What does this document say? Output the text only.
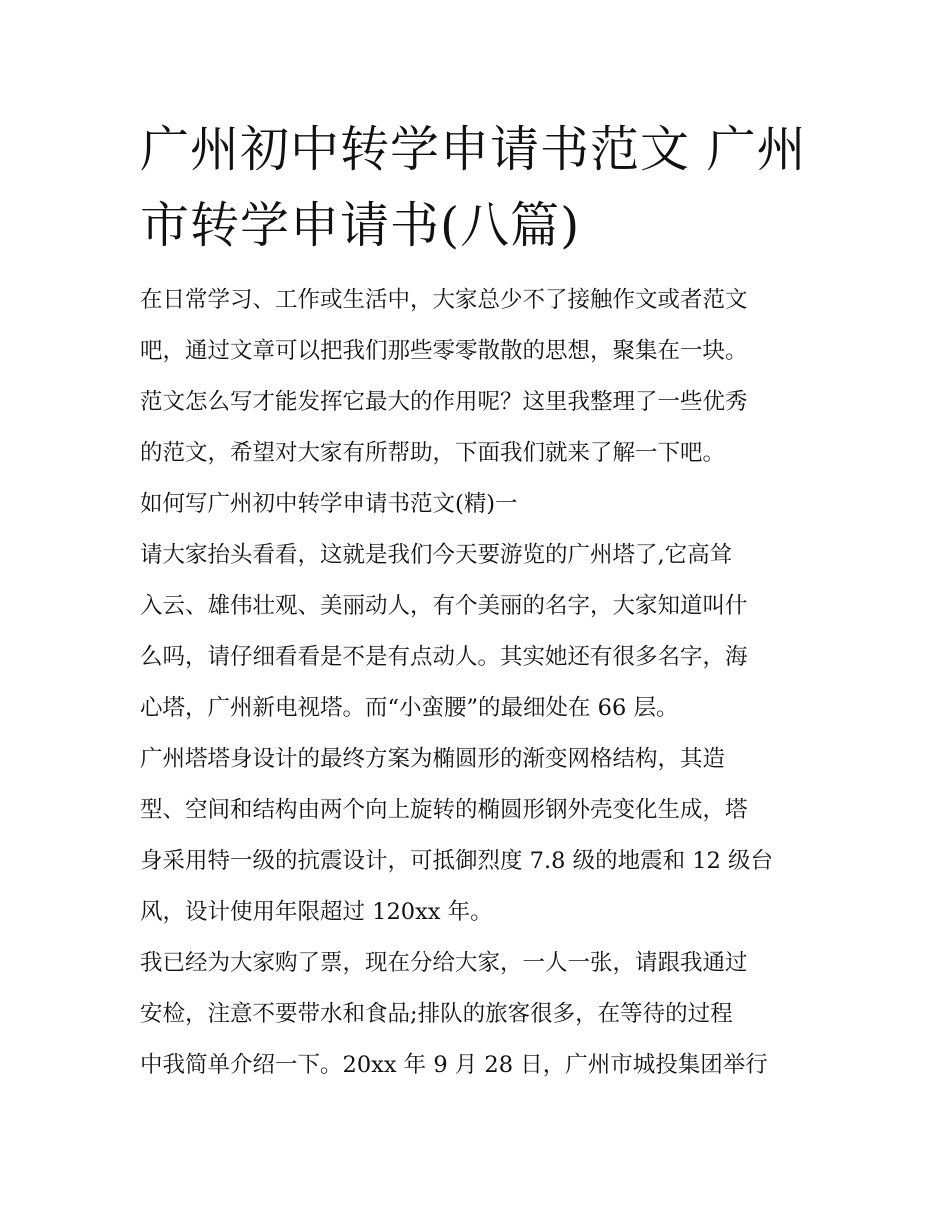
广州初中转学申请书范文 广州
市转学申请书(八篇)
在日常学习、工作或生活中，大家总少不了接触作文或者范文
吧，通过文章可以把我们那些零零散散的思想，聚集在一块。
范文怎么写才能发挥它最大的作用呢？这里我整理了一些优秀
的范文，希望对大家有所帮助，下面我们就来了解一下吧。
如何写广州初中转学申请书范文(精)一
请大家抬头看看，这就是我们今天要游览的广州塔了,它高耸
入云、雄伟壮观、美丽动人，有个美丽的名字，大家知道叫什
么吗，请仔细看看是不是有点动人。其实她还有很多名字，海
心塔，广州新电视塔。而“小蛮腰”的最细处在 66 层。
广州塔塔身设计的最终方案为椭圆形的渐变网格结构，其造
型、空间和结构由两个向上旋转的椭圆形钢外壳变化生成，塔
身采用特一级的抗震设计，可抵御烈度 7.8 级的地震和 12 级台
风，设计使用年限超过 120xx 年。
我已经为大家购了票，现在分给大家，一人一张，请跟我通过
安检，注意不要带水和食品;排队的旅客很多，在等待的过程
中我简单介绍一下。20xx 年 9 月 28 日，广州市城投集团举行
